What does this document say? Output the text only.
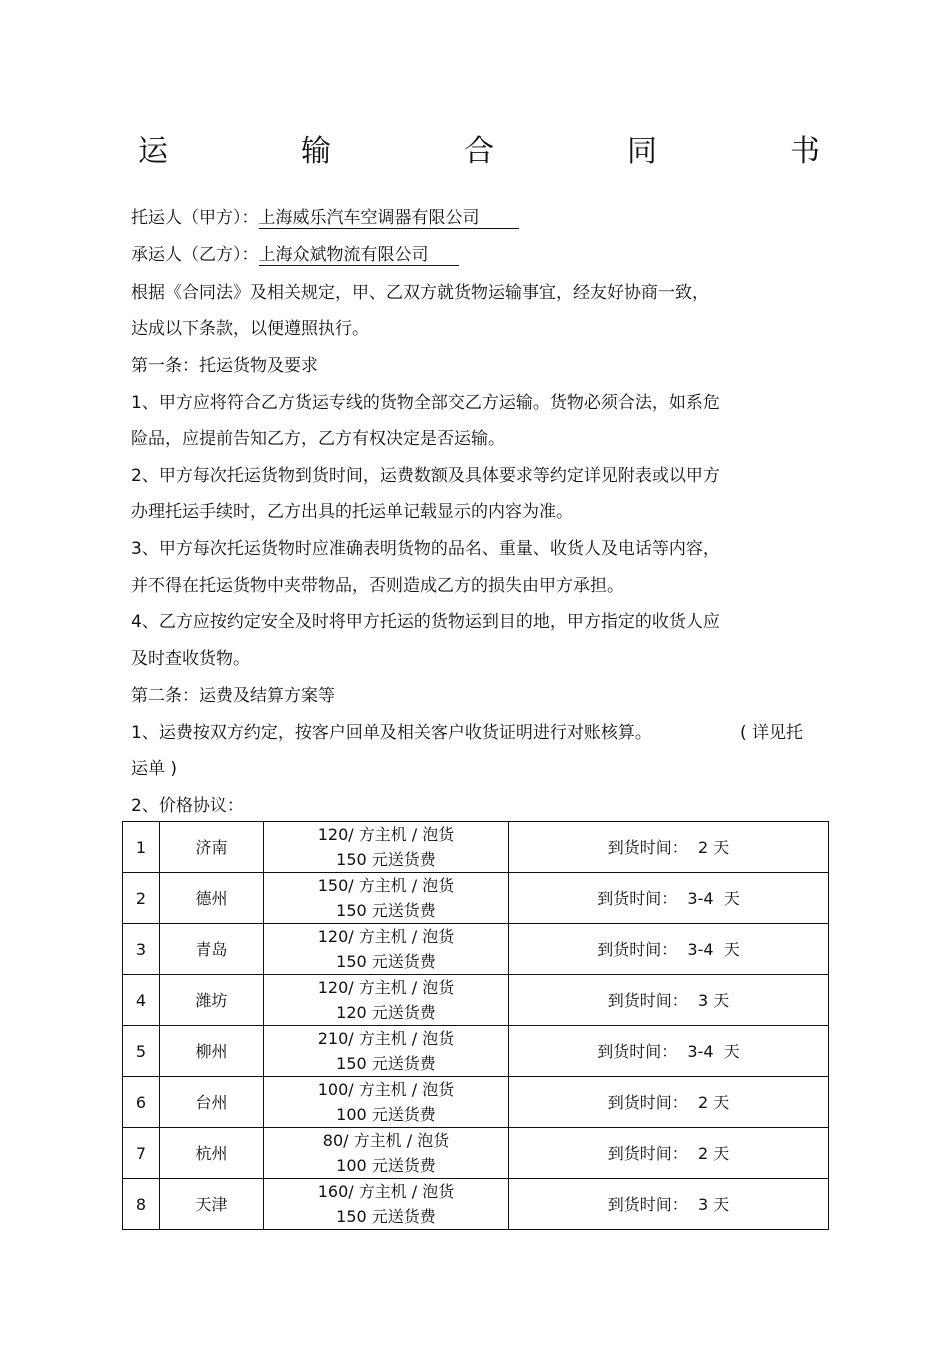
运	输	合	同	书
托运人（甲方）：上海威乐汽车空调器有限公司
承运人（乙方）：上海众斌物流有限公司
根据《合同法》及相关规定，甲、乙双方就货物运输事宜，经友好协商一致，
达成以下条款，以便遵照执行。
第一条：托运货物及要求
1、甲方应将符合乙方货运专线的货物全部交乙方运输。货物必须合法，如系危
险品，应提前告知乙方，乙方有权决定是否运输。
2、甲方每次托运货物到货时间，运费数额及具体要求等约定详见附表或以甲方
办理托运手续时，乙方出具的托运单记载显示的内容为准。
3、甲方每次托运货物时应准确表明货物的品名、重量、收货人及电话等内容，
并不得在托运货物中夹带物品，否则造成乙方的损失由甲方承担。
4、乙方应按约定安全及时将甲方托运的货物运到目的地，甲方指定的收货人应
及时查收货物。
第二条：运费及结算方案等
1、运费按双方约定，按客户回单及相关客户收货证明进行对账核算。	( 详见托
运单 )
2、价格协议：
1	济南	120/ 方主机 / 泡货
150 元送货费	到货时间：  2 天
2	德州	150/ 方主机 / 泡货
150 元送货费	到货时间：  3-4  天
3	青岛	120/ 方主机 / 泡货
150 元送货费	到货时间：  3-4  天
4	潍坊	120/ 方主机 / 泡货
120 元送货费	到货时间：  3 天
5	柳州	210/ 方主机 / 泡货
150 元送货费	到货时间：  3-4  天
6	台州	100/ 方主机 / 泡货
100 元送货费	到货时间：  2 天
7	杭州	80/ 方主机 / 泡货
100 元送货费	到货时间：  2 天
8	天津	160/ 方主机 / 泡货
150 元送货费	到货时间：  3 天
